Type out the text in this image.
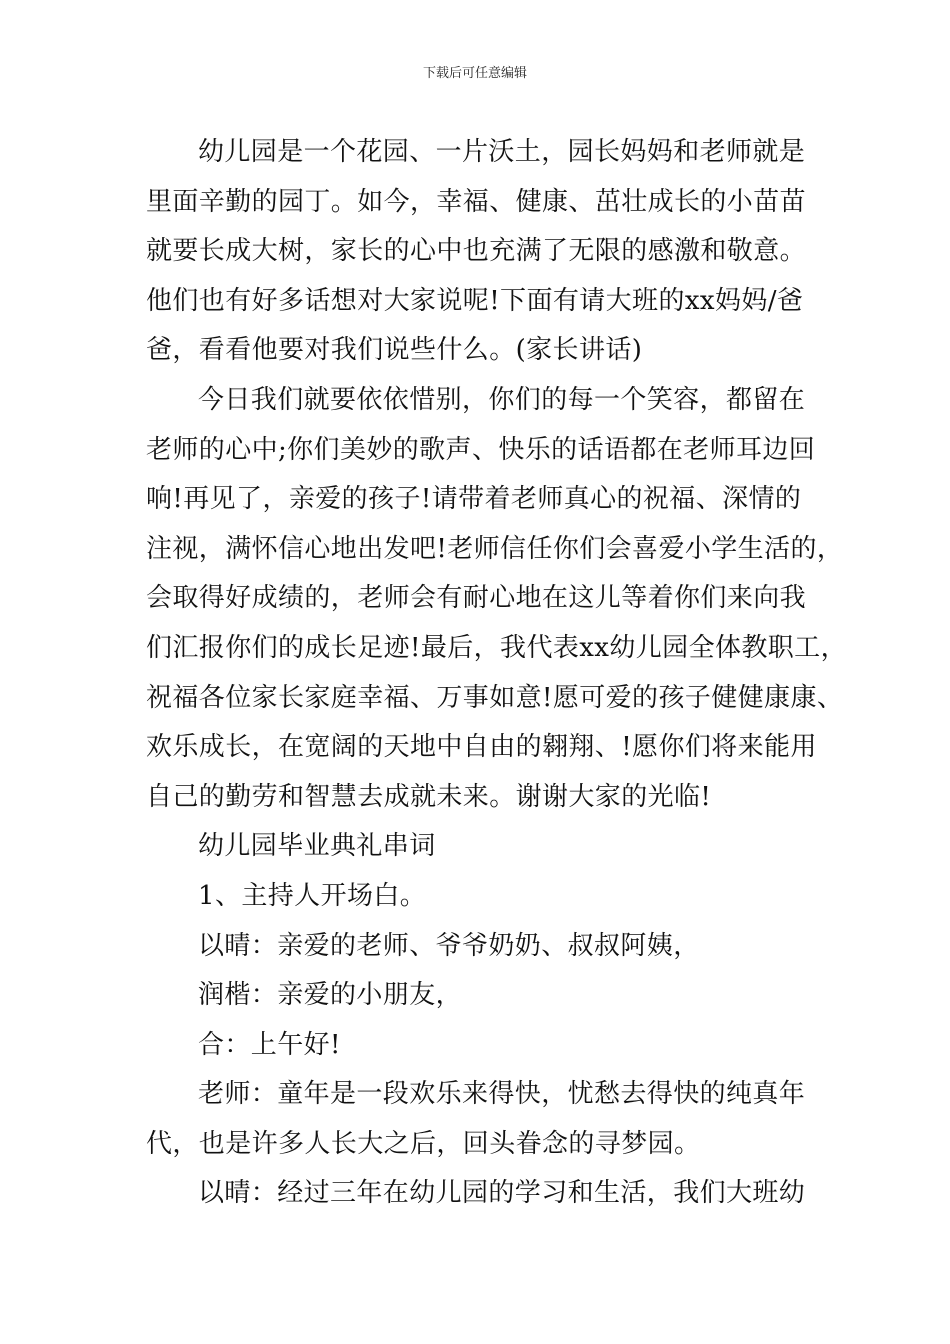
下载后可任意编辑
幼儿园是一个花园、一片沃土，园长妈妈和老师就是
里面辛勤的园丁。如今，幸福、健康、茁壮成长的小苗苗
就要长成大树，家长的心中也充满了无限的感激和敬意。
他们也有好多话想对大家说呢!下面有请大班的xx妈妈/爸
爸，看看他要对我们说些什么。(家长讲话)
今日我们就要依依惜别，你们的每一个笑容，都留在
老师的心中;你们美妙的歌声、快乐的话语都在老师耳边回
响!再见了，亲爱的孩子!请带着老师真心的祝福、深情的
注视，满怀信心地出发吧!老师信任你们会喜爱小学生活的，
会取得好成绩的，老师会有耐心地在这儿等着你们来向我
们汇报你们的成长足迹!最后，我代表xx幼儿园全体教职工，
祝福各位家长家庭幸福、万事如意!愿可爱的孩子健健康康、
欢乐成长，在宽阔的天地中自由的翱翔、!愿你们将来能用
自己的勤劳和智慧去成就未来。谢谢大家的光临!
幼儿园毕业典礼串词
1、主持人开场白。
以晴：亲爱的老师、爷爷奶奶、叔叔阿姨，
润楷：亲爱的小朋友，
合：上午好!
老师：童年是一段欢乐来得快，忧愁去得快的纯真年
代，也是许多人长大之后，回头眷念的寻梦园。
以晴：经过三年在幼儿园的学习和生活，我们大班幼
